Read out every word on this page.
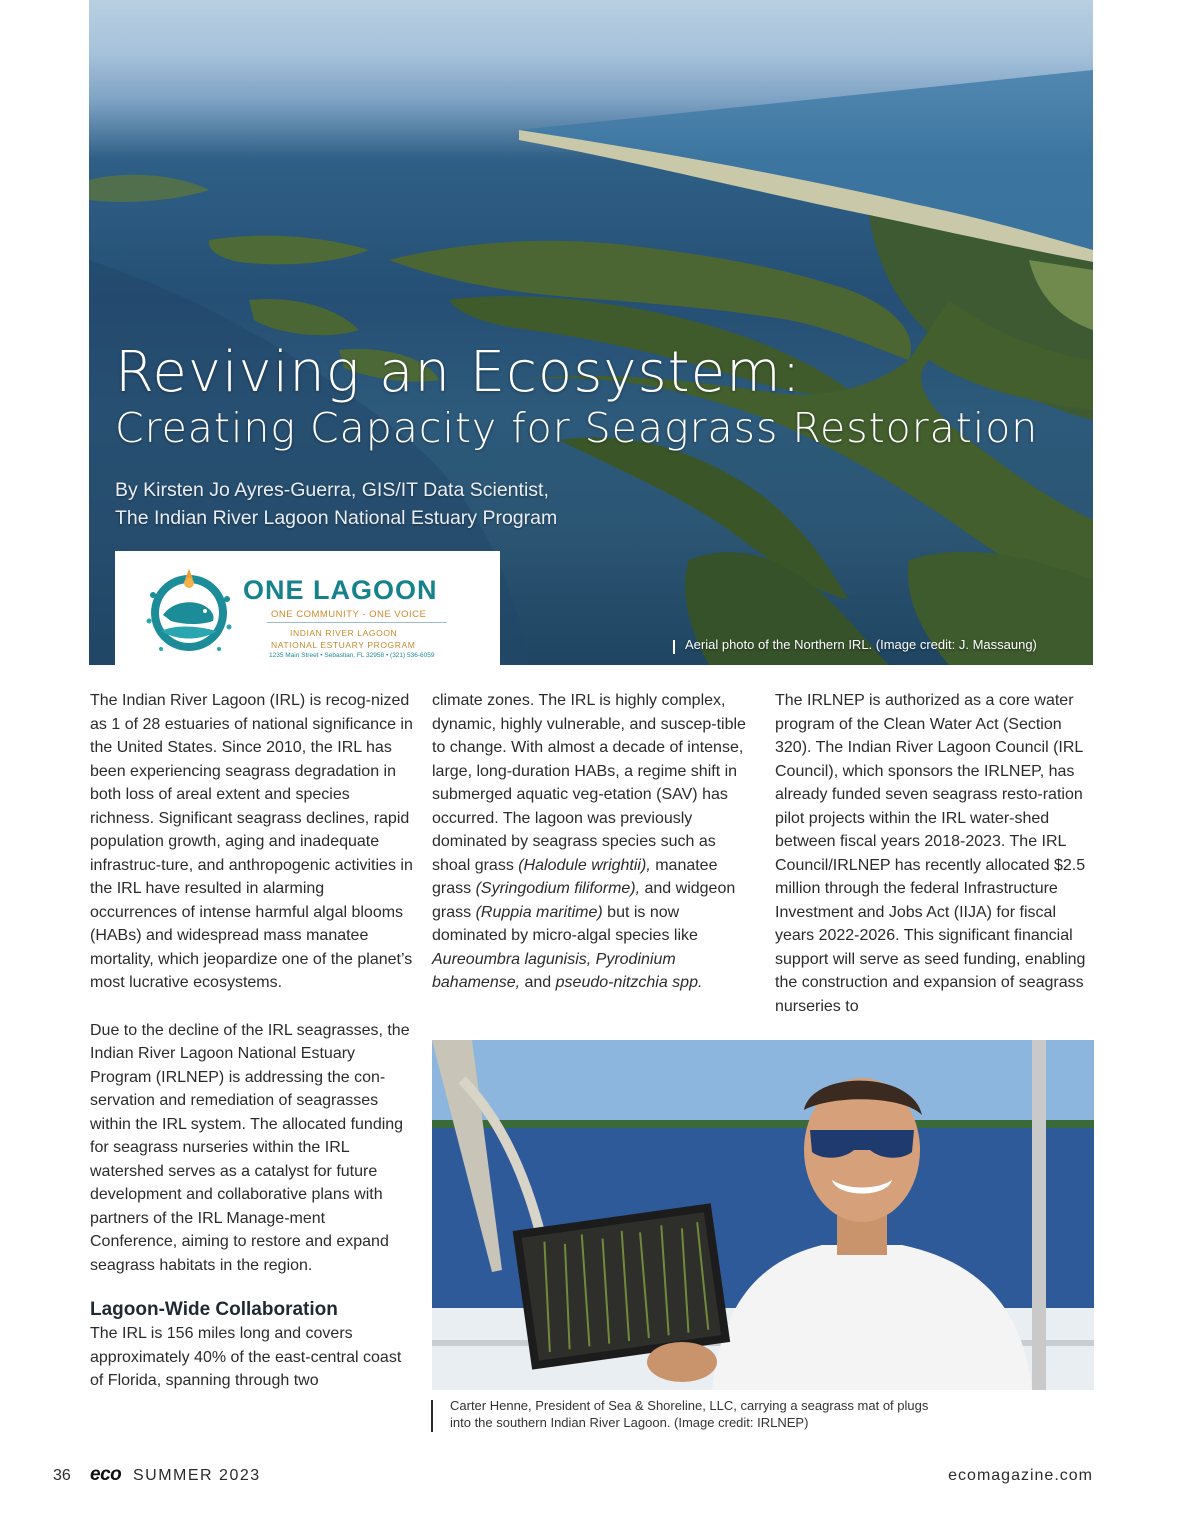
Reviving an Ecosystem:
Creating Capacity for Seagrass Restoration
By Kirsten Jo Ayres-Guerra, GIS/IT Data Scientist,
The Indian River Lagoon National Estuary Program
ONE LAGOON
ONE COMMUNITY - ONE VOICE
INDIAN RIVER LAGOON
NATIONAL ESTUARY PROGRAM
1235 Main Street • Sebastian, FL 32958 • (321) 536-6059
Aerial photo of the Northern IRL. (Image credit: J. Massaung)

The Indian River Lagoon (IRL) is recog-nized as 1 of 28 estuaries of national significance in the United States. Since 2010, the IRL has been experiencing seagrass degradation in both loss of areal extent and species richness. Significant seagrass declines, rapid population growth, aging and inadequate infrastruc-ture, and anthropogenic activities in the IRL have resulted in alarming occurrences of intense harmful algal blooms (HABs) and widespread mass manatee mortality, which jeopardize one of the planet’s most lucrative ecosystems.

Due to the decline of the IRL seagrasses, the Indian River Lagoon National Estuary Program (IRLNEP) is addressing the con-servation and remediation of seagrasses within the IRL system. The allocated funding for seagrass nurseries within the IRL watershed serves as a catalyst for future development and collaborative plans with partners of the IRL Manage-ment Conference, aiming to restore and expand seagrass habitats in the region.

Lagoon-Wide Collaboration

The IRL is 156 miles long and covers approximately 40% of the east-central coast of Florida, spanning through two

climate zones. The IRL is highly complex, dynamic, highly vulnerable, and suscep-tible to change. With almost a decade of intense, large, long-duration HABs, a regime shift in submerged aquatic veg-etation (SAV) has occurred. The lagoon was previously dominated by seagrass species such as shoal grass (Halodule wrightii), manatee grass (Syringodium filiforme), and widgeon grass (Ruppia maritime) but is now dominated by micro-algal species like Aureoumbra lagunisis, Pyrodinium bahamense, and pseudo-nitzchia spp.

The IRLNEP is authorized as a core water program of the Clean Water Act (Section 320). The Indian River Lagoon Council (IRL Council), which sponsors the IRLNEP, has already funded seven seagrass resto-ration pilot projects within the IRL water-shed between fiscal years 2018-2023. The IRL Council/IRLNEP has recently allocated $2.5 million through the federal Infrastructure Investment and Jobs Act (IIJA) for fiscal years 2022-2026. This significant financial support will serve as seed funding, enabling the construction and expansion of seagrass nurseries to

Carter Henne, President of Sea & Shoreline, LLC, carrying a seagrass mat of plugs into the southern Indian River Lagoon. (Image credit: IRLNEP)
36 eco SUMMER 2023	ecomagazine.com
